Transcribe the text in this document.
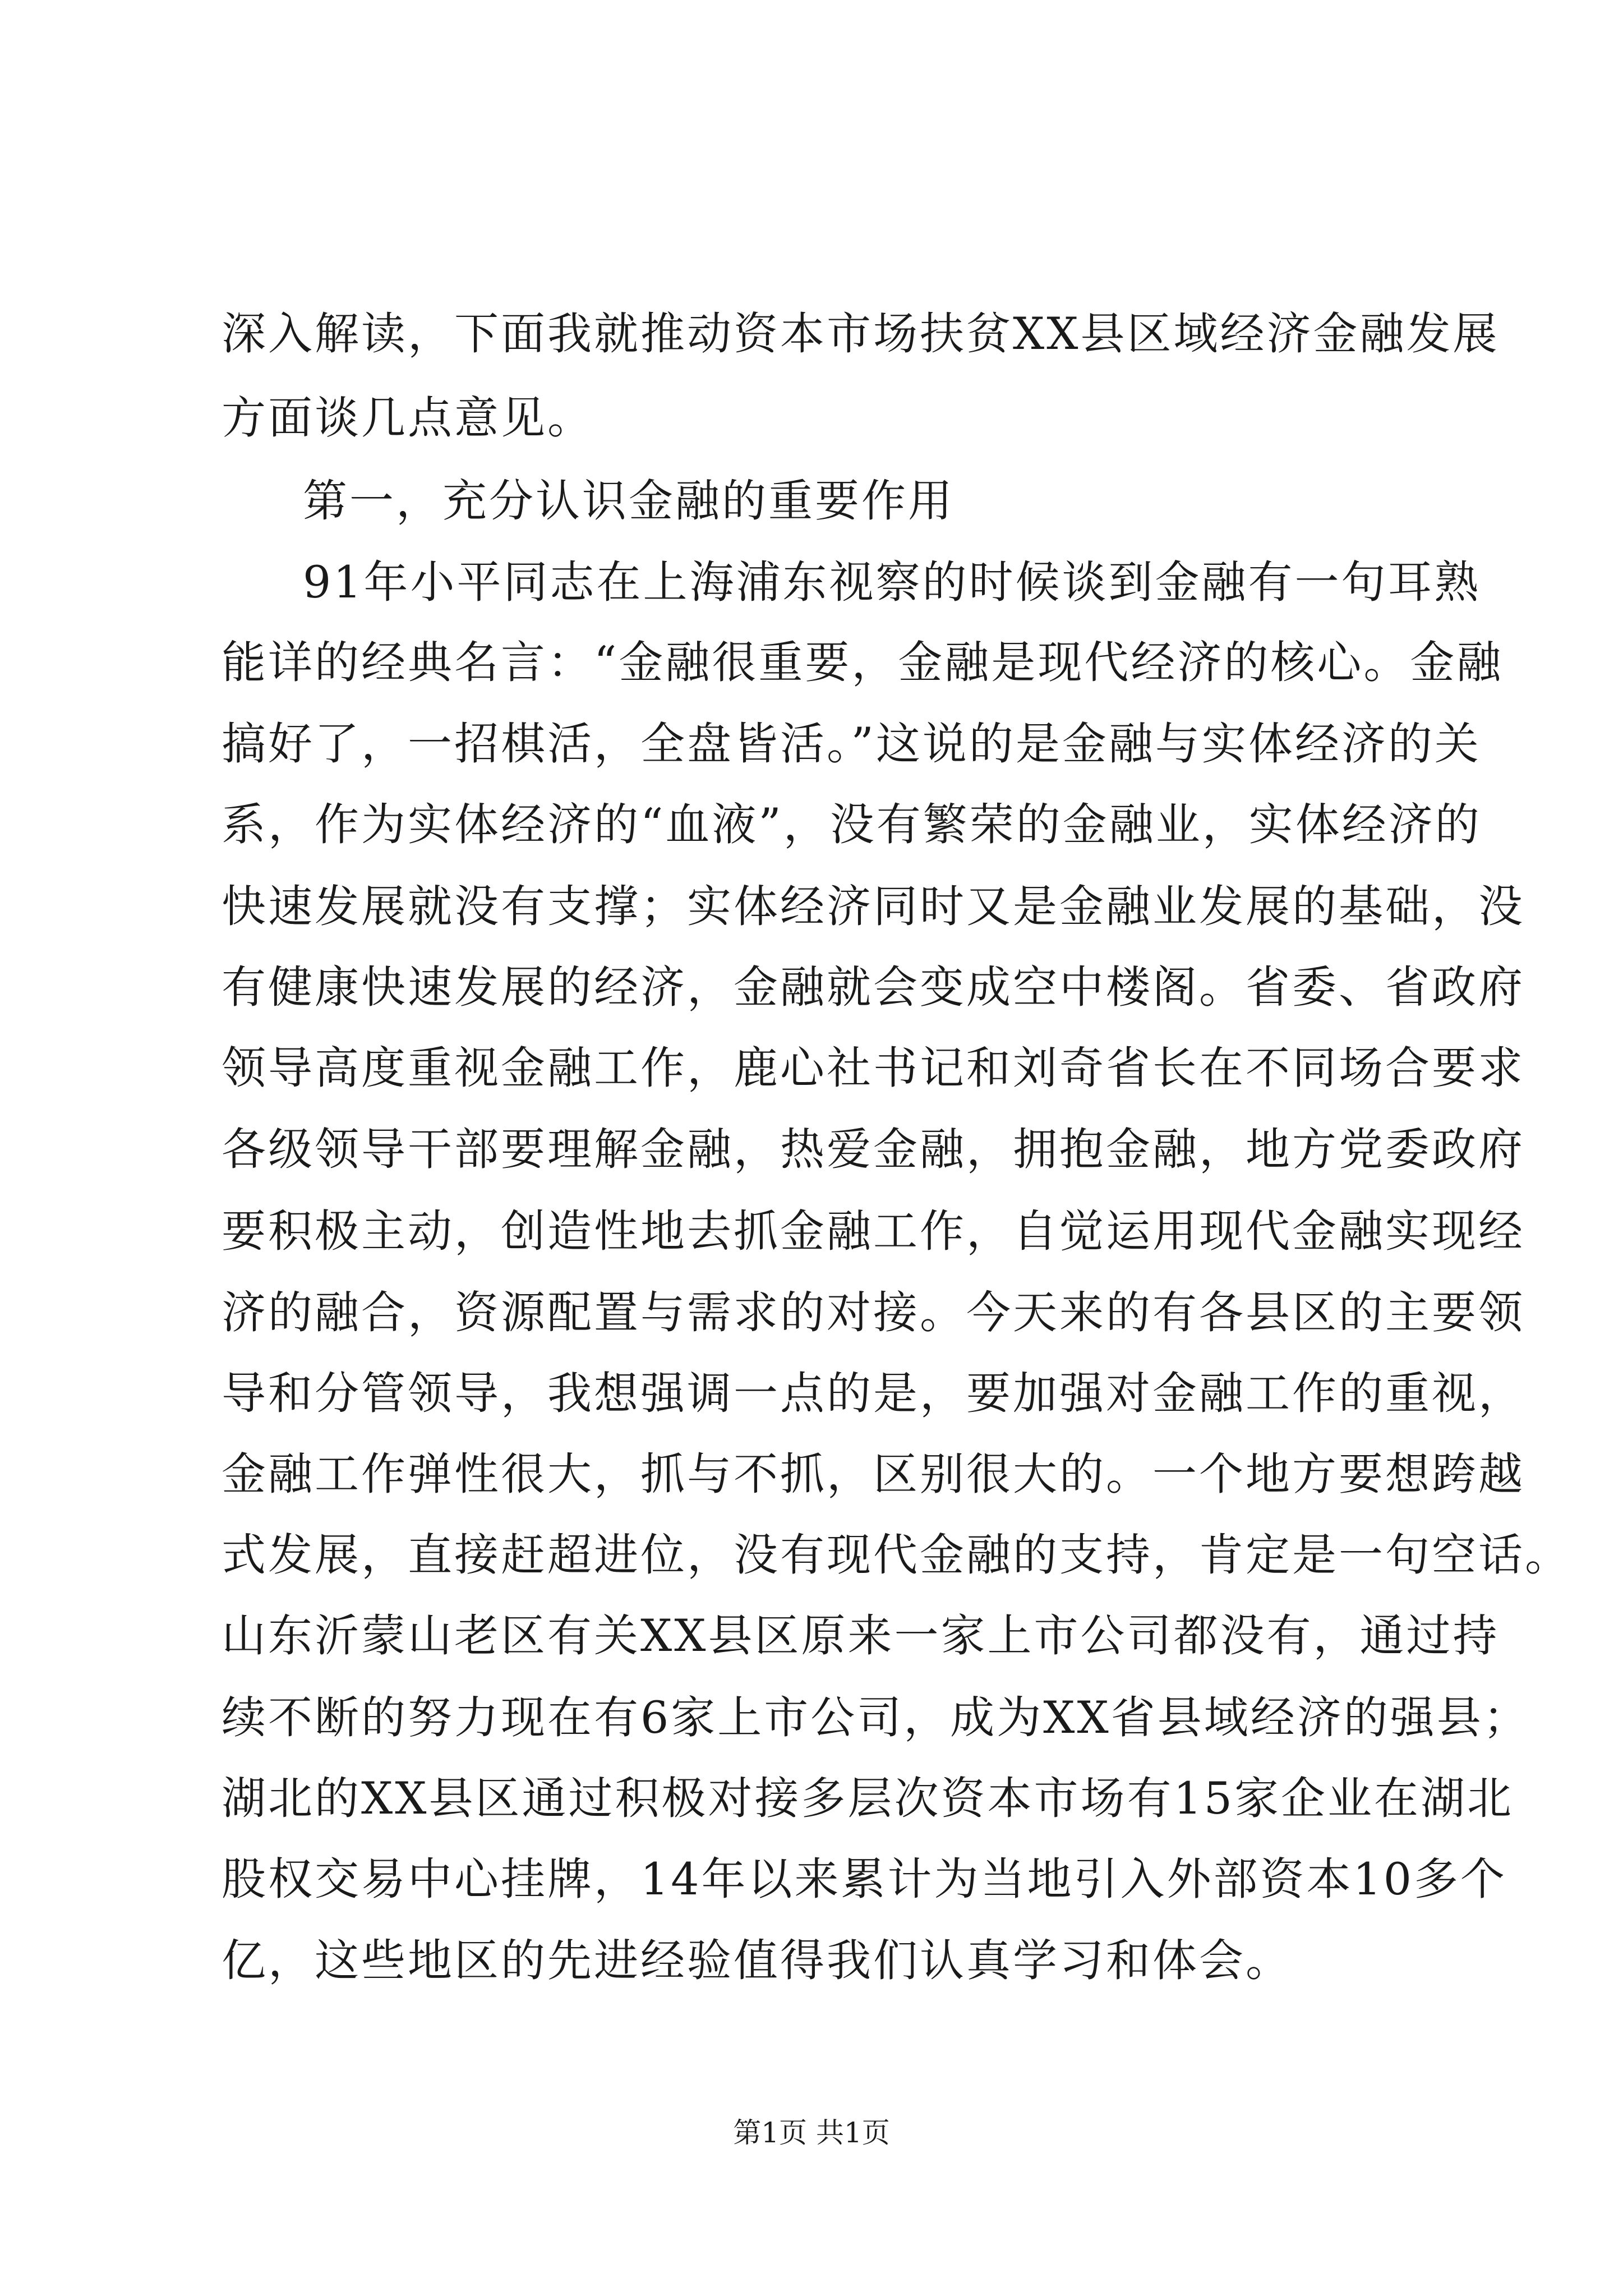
深入解读，下面我就推动资本市场扶贫XX县区域经济金融发展
方面谈几点意见。
第一，充分认识金融的重要作用
91年小平同志在上海浦东视察的时候谈到金融有一句耳熟
能详的经典名言：“金融很重要，金融是现代经济的核心。金融
搞好了，一招棋活，全盘皆活。”这说的是金融与实体经济的关
系，作为实体经济的“血液”，没有繁荣的金融业，实体经济的
快速发展就没有支撑；实体经济同时又是金融业发展的基础，没
有健康快速发展的经济，金融就会变成空中楼阁。省委、省政府
领导高度重视金融工作，鹿心社书记和刘奇省长在不同场合要求
各级领导干部要理解金融，热爱金融，拥抱金融，地方党委政府
要积极主动，创造性地去抓金融工作，自觉运用现代金融实现经
济的融合，资源配置与需求的对接。今天来的有各县区的主要领
导和分管领导，我想强调一点的是，要加强对金融工作的重视，
金融工作弹性很大，抓与不抓，区别很大的。一个地方要想跨越
式发展，直接赶超进位，没有现代金融的支持，肯定是一句空话。
山东沂蒙山老区有关XX县区原来一家上市公司都没有，通过持
续不断的努力现在有6家上市公司，成为XX省县域经济的强县；
湖北的XX县区通过积极对接多层次资本市场有15家企业在湖北
股权交易中心挂牌，14年以来累计为当地引入外部资本10多个
亿，这些地区的先进经验值得我们认真学习和体会。
第1页 共1页
